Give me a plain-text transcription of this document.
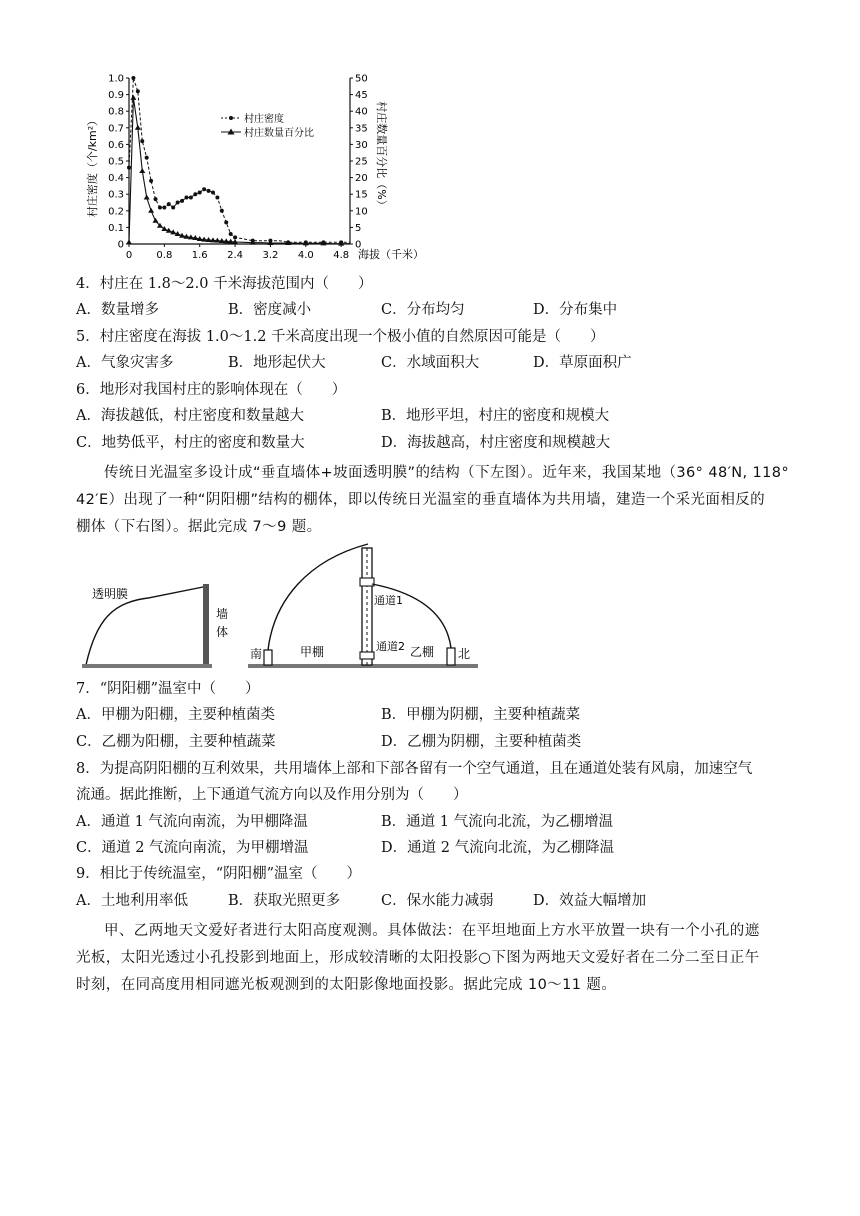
0
0.1
0.2
0.3
0.4
0.5
0.6
0.7
0.8
0.9
1.0
0
5
10
15
20
25
30
35
40
45
50
0 0.8 1.6 2.4 3.2 4.0 4.8
村庄密度（个/km²）	村庄数量百分比（%）
海拔（千米）
村庄密度
村庄数量百分比
4．村庄在 1.8～2.0 千米海拔范围内（　　）
A．数量增多	B．密度减小	C．分布均匀	D．分布集中
5．村庄密度在海拔 1.0～1.2 千米高度出现一个极小值的自然原因可能是（　　）
A．气象灾害多	B．地形起伏大	C．水域面积大	D．草原面积广
6．地形对我国村庄的影响体现在（　　）
A．海拔越低，村庄密度和数量越大	B．地形平坦，村庄的密度和规模大
C．地势低平，村庄的密度和数量大	D．海拔越高，村庄密度和规模越大
传统日光温室多设计成“垂直墙体+坡面透明膜”的结构（下左图）。近年来，我国某地（36° 48′N, 118°
42′E）出现了一种“阴阳棚”结构的棚体，即以传统日光温室的垂直墙体为共用墙，建造一个采光面相反的
棚体（下右图）。据此完成 7～9 题。
透明膜
墙
体
南	北
甲棚	乙棚
通道1
通道2
7．“阴阳棚”温室中（　　）
A．甲棚为阳棚，主要种植菌类	B．甲棚为阴棚，主要种植蔬菜
C．乙棚为阳棚，主要种植蔬菜	D．乙棚为阴棚，主要种植菌类
8．为提高阴阳棚的互利效果，共用墙体上部和下部各留有一个空气通道，且在通道处装有风扇，加速空气
流通。据此推断，上下通道气流方向以及作用分别为（　　）
A．通道 1 气流向南流，为甲棚降温	B．通道 1 气流向北流，为乙棚增温
C．通道 2 气流向南流，为甲棚增温	D．通道 2 气流向北流，为乙棚降温
9．相比于传统温室，“阴阳棚”温室（　　）
A．土地利用率低	B．获取光照更多	C．保水能力减弱	D．效益大幅增加
甲、乙两地天文爱好者进行太阳高度观测。具体做法：在平坦地面上方水平放置一块有一个小孔的遮
光板，太阳光透过小孔投影到地面上，形成较清晰的太阳投影○下图为两地天文爱好者在二分二至日正午
时刻，在同高度用相同遮光板观测到的太阳影像地面投影。据此完成 10～11 题。
